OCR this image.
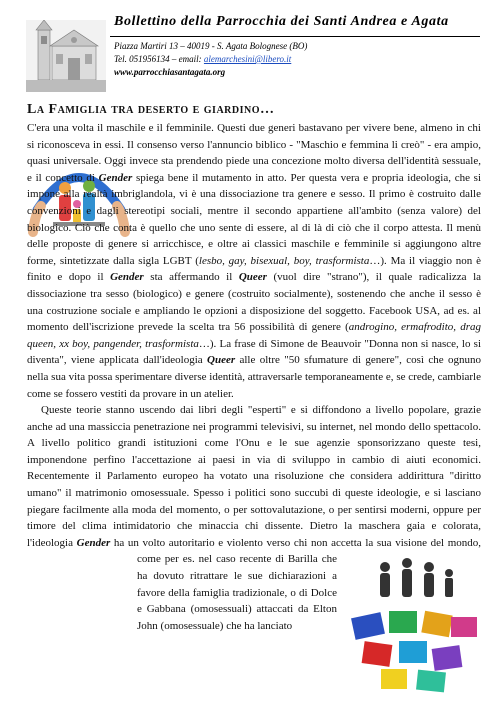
Bollettino della Parrocchia dei Santi Andrea e Agata
Piazza Martiri 13 – 40019 - S. Agata Bolognese (BO)
Tel. 051956134 – email: alemarchesini@libero.it
www.parrocchiasantagata.org
La Famiglia tra deserto e giardino…

C'era una volta il maschile e il femminile. Questi due generi bastavano per vivere bene, almeno in chi si riconosceva in essi. Il consenso verso l'annuncio biblico - "Maschio e femmina li creò" - era ampio, quasi universale. Oggi invece sta prendendo piede una concezione molto diversa dell'identità sessuale, e il concetto di Gender spiega bene il mutamento in atto. Per questa vera e propria ideologia, che si impone alla realtà imbriglandola, vi è una dissociazione tra genere e sesso. Il primo è costruito dalle convenzioni e dagli stereotipi sociali, mentre il secondo appartiene all'ambito (senza valore) del biologico. Ciò che conta è quello che uno sente di essere, al di là di ciò che il corpo attesta. Il menù delle proposte di genere si arricchisce, e oltre ai classici maschile e femminile si aggiungono altre forme, sintetizzate dalla sigla LGBT (lesbo, gay, bisexual, boy, trasformista…). Ma il viaggio non è finito e dopo il Gender sta affermando il Queer (vuol dire "strano"), il quale radicalizza la dissociazione tra sesso (biologico) e genere (costruito socialmente), sostenendo che anche il sesso è una costruzione sociale e ampliando le opzioni a disposizione del soggetto. Facebook USA, ad es. al momento dell'iscrizione prevede la scelta tra 56 possibilità di genere (androgino, ermafrodito, drag queen, xx boy, pangender, trasformista…). La frase di Simone de Beauvoir "Donna non si nasce, lo si diventa", viene applicata dall'ideologia Queer alle oltre "50 sfumature di genere", così che ognuno nella sua vita possa sperimentare diverse identità, attraversarle temporaneamente e, se crede, cambiarle come se fossero vestiti da provare in un atelier.

Queste teorie stanno uscendo dai libri degli "esperti" e si diffondono a livello popolare, grazie anche ad una massiccia penetrazione nei programmi televisivi, su internet, nel mondo dello spettacolo. A livello politico grandi istituzioni come l'Onu e le sue agenzie sponsorizzano queste tesi, imponendone perfino l'accettazione ai paesi in via di sviluppo in cambio di aiuti economici. Recentemente il Parlamento europeo ha votato una risoluzione che considera addirittura "diritto umano" il matrimonio omosessuale. Spesso i politici sono succubi di queste ideologie, e si lasciano piegare facilmente alla moda del momento, o per sottovalutazione, o per sentirsi moderni, oppure per timore del clima intimidatorio che minaccia chi dissente. Dietro la maschera gaia e colorata, l'ideologia Gender ha un volto autoritario e violento verso chi non accetta la sua visione del mondo, come per es. nel caso recente di Barilla che ha dovuto ritrattare le sue dichiarazioni a favore della famiglia tradizionale, o di Dolce e Gabbana (omosessuali) attaccati da Elton John (omosessuale) che ha lanciato
